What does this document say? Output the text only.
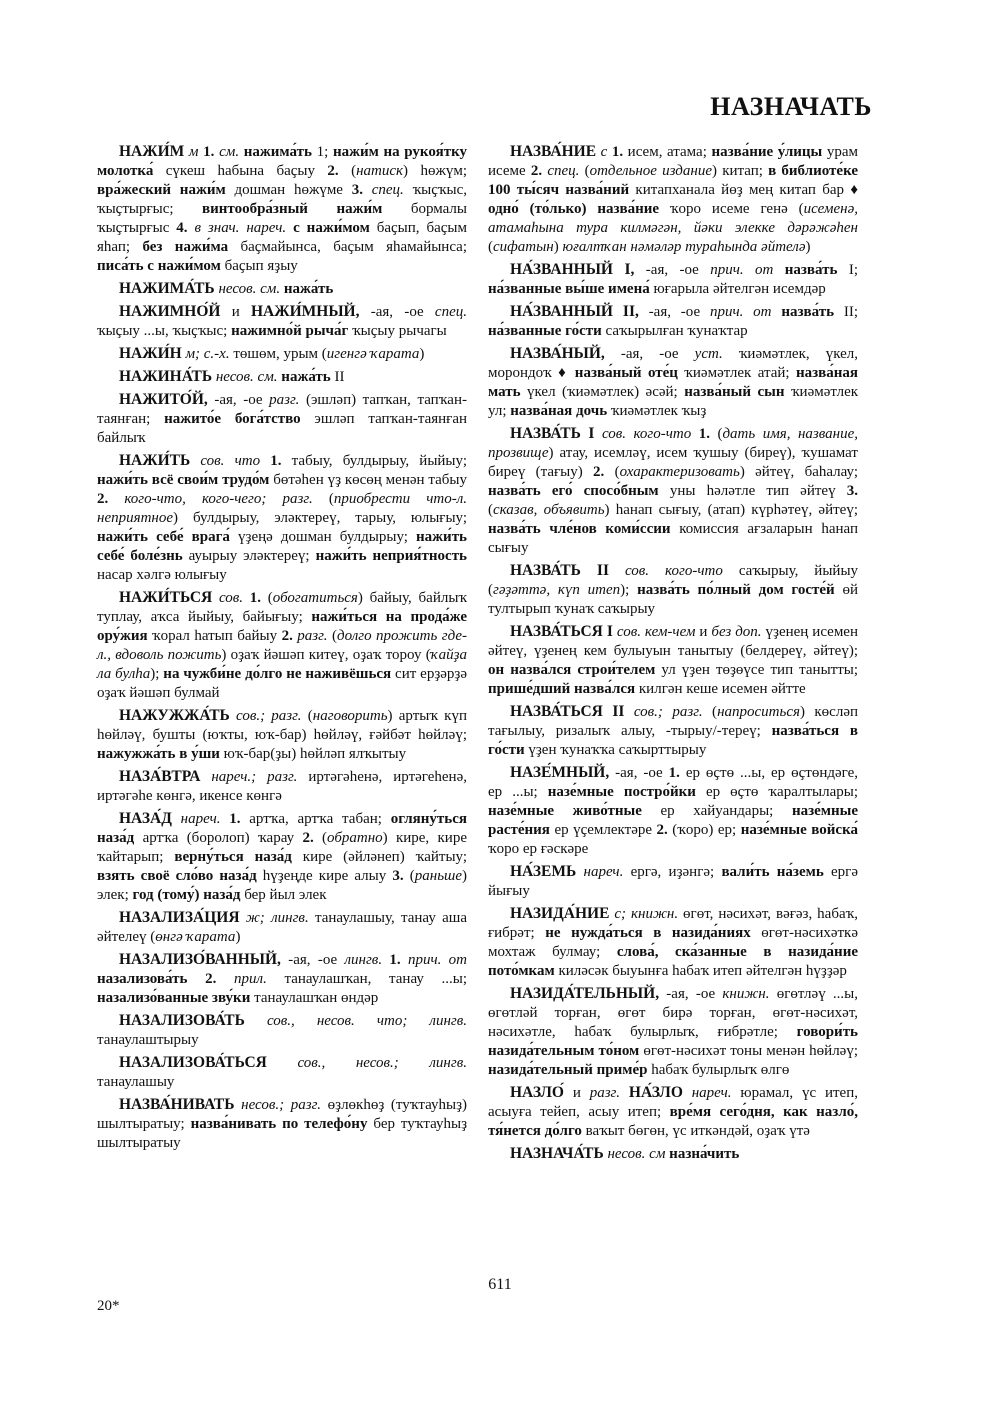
НАЗНАЧАТЬ

НАЖИ́М м 1. см. нажима́ть 1; нажи́м на рукоя́тку молотка́ сүкеш һабына баҫыу 2. (натиск) һөжүм; вра́жеский нажи́м дошман һөжүме 3. спец. ҡыҫҡыс, ҡыҫтырғыс; винтообра́зный нажи́м бормалы ҡыҫтырғыс 4. в знач. нареч. с нажи́мом баҫып, баҫым яһап; без нажи́ма баҫмайынса, баҫым яһамайынса; писа́ть с нажи́мом баҫып яҙыу

НАЖИМА́ТЬ несов. см. нажа́ть

НАЖИМНО́Й и НАЖИ́МНЫЙ, -ая, -ое спец. ҡыҫыу ...ы, ҡыҫҡыс; нажимно́й рыча́г ҡыҫыу рычагы

НАЖИ́Н м; с.-х. төшөм, урым (игенгә ҡарата)

НАЖИНА́ТЬ несов. см. нажа́ть II

НАЖИТО́Й, -ая, -ое разг. (эшләп) тапҡан, тапҡан-таянған; нажито́е бога́тство эшләп тапҡан-таянған байлыҡ

НАЖИ́ТЬ сов. что 1. табыу, булдырыу, йыйыу; нажи́ть всё свои́м трудо́м бөтәһен үҙ көсөң менән табыу 2. кого-что, кого-чего; разг. (приобрести что-л. неприятное) булдырыу, эләктереү, тарыу, юлығыу; нажи́ть себе́ врага́ үҙеңә дошман булдырыу; нажи́ть себе́ боле́знь ауырыу эләктереү; нажи́ть неприя́тность насар хәлгә юлығыу

НАЖИ́ТЬСЯ сов. 1. (обогатиться) байыу, байлыҡ туплау, аҡса йыйыу, байығыу; нажи́ться на прода́же ору́жия ҡорал һатып байыу 2. разг. (долго прожить где-л., вдоволь пожить) оҙаҡ йәшәп китеү, оҙаҡ тороу (ҡайҙа ла булһа); на чужби́не до́лго не наживёшься сит ерҙәрҙә оҙаҡ йәшәп булмай

НАЖУЖЖА́ТЬ сов.; разг. (наговорить) артыҡ күп һөйләү, бушты (юҡты, юҡ-бар) һөйләү, ғәйбәт һөйләү; нажужжа́ть в у́ши юҡ-бар(ҙы) һөйләп ялҡытыу

НАЗА́ВТРА нареч.; разг. иртәгәһенә, иртәгеһенә, иртәгәһе көнгә, икенсе көнгә

НАЗА́Д нареч. 1. артҡа, артҡа табан; огляну́ться наза́д артҡа (боролоп) ҡарау 2. (обратно) кире, кире ҡайтарып; верну́ться наза́д кире (әйләнеп) ҡайтыу; взять своё сло́во наза́д һүҙеңде кире алыу 3. (раньше) элек; год (тому́) наза́д бер йыл элек

НАЗАЛИЗА́ЦИЯ ж; лингв. танаулашыу, танау аша әйтелеү (өнгә ҡарата)

НАЗАЛИЗО́ВАННЫЙ, -ая, -ое лингв. 1. прич. от назализова́ть 2. прил. танаулашҡан, танау ...ы; назализо́ванные зву́ки танаулашҡан өндәр

НАЗАЛИЗОВА́ТЬ сов., несов. что; лингв. танаулаштырыу

НАЗАЛИЗОВА́ТЬСЯ сов., несов.; лингв. танаулашыу

НАЗВА́НИВАТЬ несов.; разг. өҙлөкһөҙ (туҡтауһыҙ) шылтыратыу; назва́нивать по телефо́ну бер туҡтауһыҙ шылтыратыу

НАЗВА́НИЕ с 1. исем, атама; назва́ние у́лицы урам исеме 2. спец. (отдельное издание) китап; в библиоте́ке 100 ты́сяч назва́ний китапханала йөҙ мең китап бар ♦ одно́ (то́лько) назва́ние ҡоро исеме генә (исеменә, атамаһына тура килмәгән, йәки элекке дәрәжәһен (сифатын) юғалтҡан нәмәләр тураһында әйтелә)

НА́ЗВАННЫЙ I, -ая, -ое прич. от назва́ть I; на́званные вы́ше имена́ юғарыла әйтелгән исемдәр

НА́ЗВАННЫЙ II, -ая, -ое прич. от назва́ть II; на́званные го́сти саҡырылған ҡунаҡтар

НАЗВА́НЫЙ, -ая, -ое уст. ҡиәмәтлек, үкел, морондоҡ ♦ назва́ный оте́ц ҡиәмәтлек атай; назва́ная мать үкел (ҡиәмәтлек) әсәй; назва́ный сын ҡиәмәтлек ул; назва́ная дочь ҡиәмәтлек ҡыҙ

НАЗВА́ТЬ I сов. кого-что 1. (дать имя, название, прозвище) атау, исемләү, исем ҡушыу (биреү), ҡушамат биреү (тағыу) 2. (охарактеризовать) әйтеү, баһалау; назва́ть его́ спосо́бным уны һәләтле тип әйтеү 3. (сказав, объявить) һанап сығыу, (атап) күрһәтеү, әйтеү; назва́ть чле́нов коми́ссии комиссия ағзаларын һанап сығыу

НАЗВА́ТЬ II сов. кого-что саҡырыу, йыйыу (гәҙәттә, күп итеп); назва́ть по́лный дом госте́й өй тултырып ҡунаҡ саҡырыу

НАЗВА́ТЬСЯ I сов. кем-чем и без доп. үҙенең исемен әйтеү, үҙенең кем булыуын танытыу (белдереү, әйтеү); он назва́лся строи́телем ул үҙен төҙөүсе тип танытты; прише́дший назва́лся килгән кеше исемен әйтте

НАЗВА́ТЬСЯ II сов.; разг. (напроситься) көсләп тағылыу, ризалыҡ алыу, -тырыу/-тереү; назва́ться в го́сти үҙен ҡунаҡҡа саҡырттырыу

НАЗЕ́МНЫЙ, -ая, -ое 1. ер өҫтө ...ы, ер өҫтөндәге, ер ...ы; назе́мные постро́йки ер өҫтө ҡаралтылары; назе́мные живо́тные ер хайуандары; назе́мные расте́ния ер үҫемлектәре 2. (ҡоро) ер; назе́мные войска́ ҡоро ер ғәскәре

НА́ЗЕМЬ нареч. ергә, иҙәнгә; вали́ть на́земь ергә йығыу

НАЗИДА́НИЕ с; книжн. өгөт, нәсихәт, вәғәз, һабаҡ, ғибрәт; не нужда́ться в назида́ниях өгөт-нәсихәткә мохтаж булмау; слова́, ска́занные в назида́ние пото́мкам киләсәк быуынға һабаҡ итеп әйтелгән һүҙҙәр

НАЗИДА́ТЕЛЬНЫЙ, -ая, -ое книжн. өгөтләү ...ы, өгөтләй торған, өгөт бирә торған, өгөт-нәсихәт, нәсихәтле, һабаҡ булырлыҡ, ғибрәтле; говори́ть назида́тельным то́ном өгөт-нәсихәт тоны менән һөйләү; назида́тельный приме́р һабаҡ булырлыҡ өлгө

НАЗЛО́ и разг. НА́ЗЛО нареч. юрамал, үс итеп, асыуға тейеп, асыу итеп; вре́мя сего́дня, как назло́, тя́нется до́лго ваҡыт бөгөн, үс иткәндәй, оҙаҡ үтә

НАЗНАЧА́ТЬ несов. см назна́чить

611
20*
